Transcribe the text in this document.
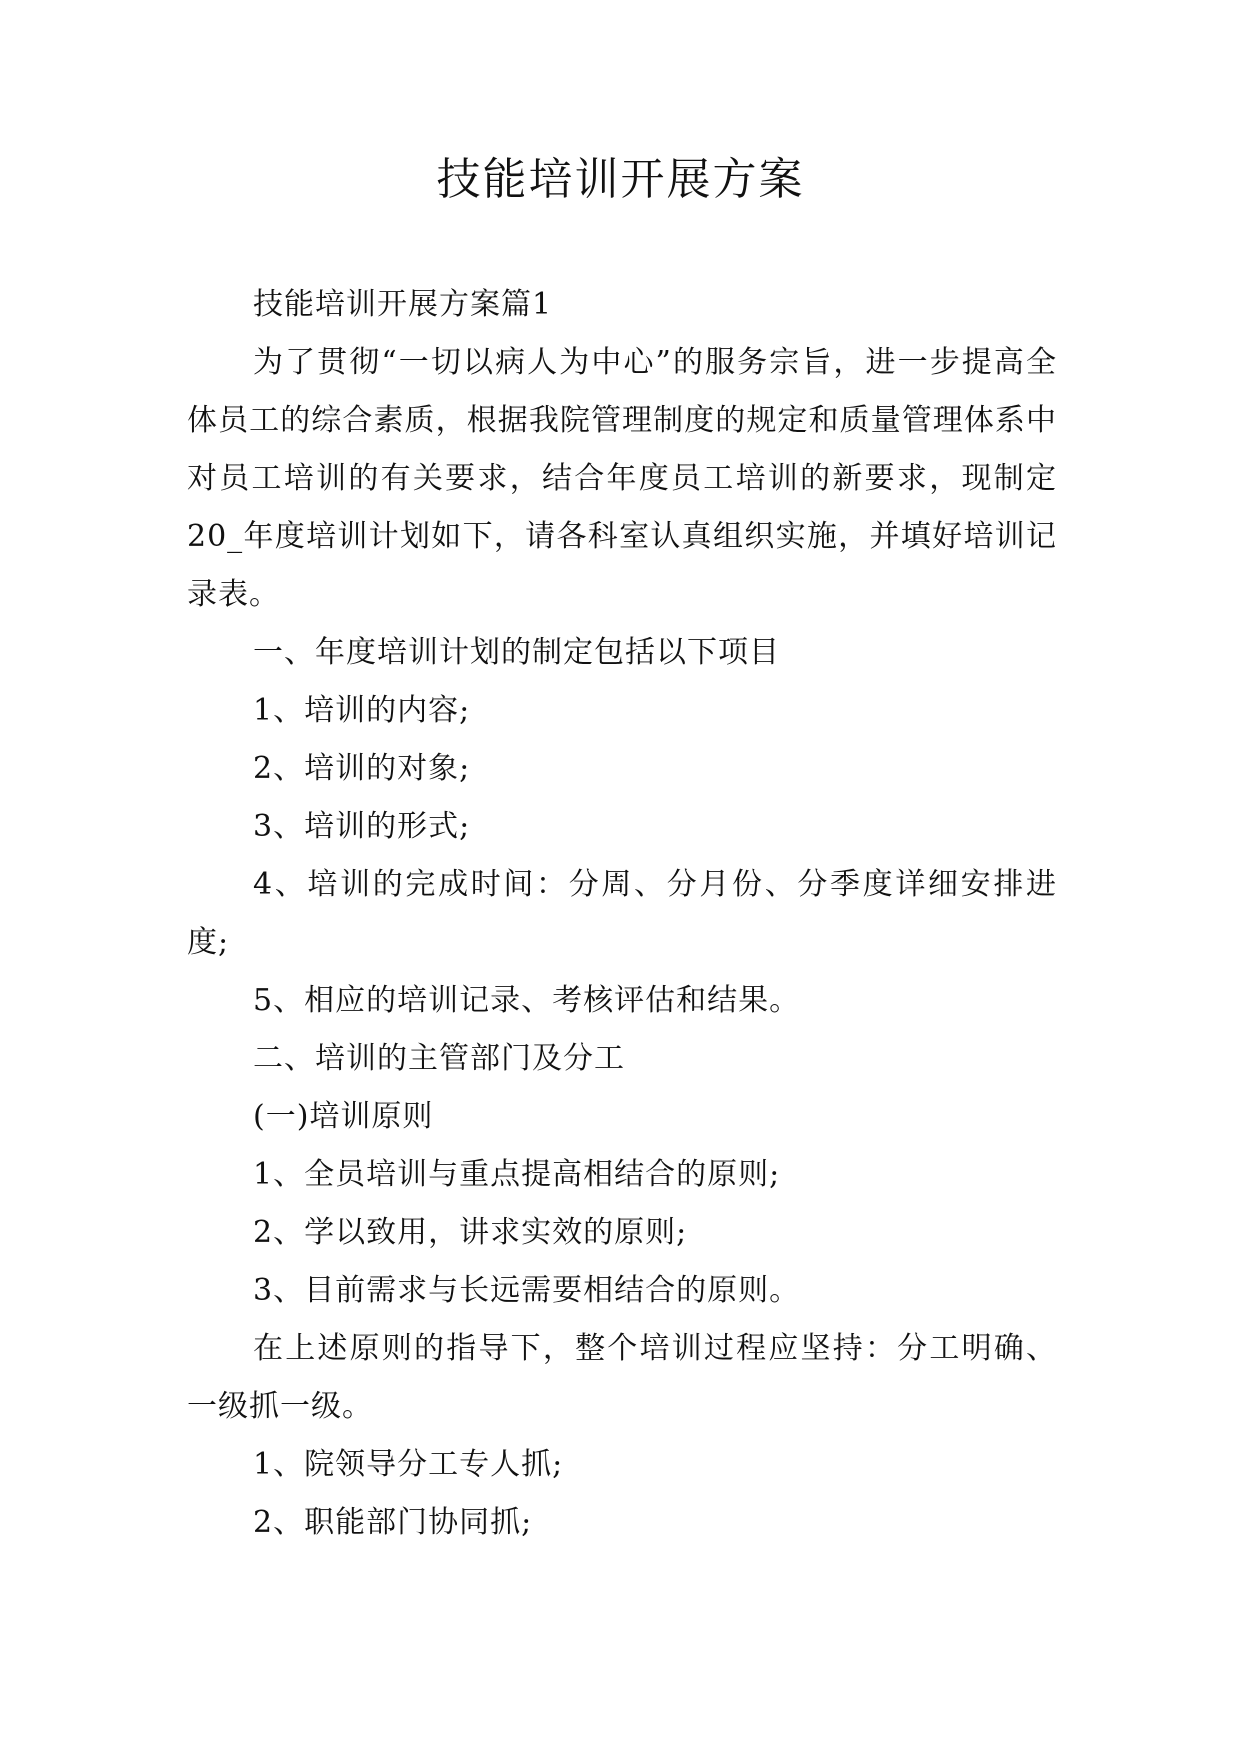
技能培训开展方案

技能培训开展方案篇1

为了贯彻“一切以病人为中心”的服务宗旨，进一步提高全体员工的综合素质，根据我院管理制度的规定和质量管理体系中对员工培训的有关要求，结合年度员工培训的新要求，现制定20_年度培训计划如下，请各科室认真组织实施，并填好培训记录表。

一、年度培训计划的制定包括以下项目

1、培训的内容;

2、培训的对象;

3、培训的形式;

4、培训的完成时间：分周、分月份、分季度详细安排进度;

5、相应的培训记录、考核评估和结果。

二、培训的主管部门及分工

(一)培训原则

1、全员培训与重点提高相结合的原则;

2、学以致用，讲求实效的原则;

3、目前需求与长远需要相结合的原则。

在上述原则的指导下，整个培训过程应坚持：分工明确、一级抓一级。

1、院领导分工专人抓;

2、职能部门协同抓;
